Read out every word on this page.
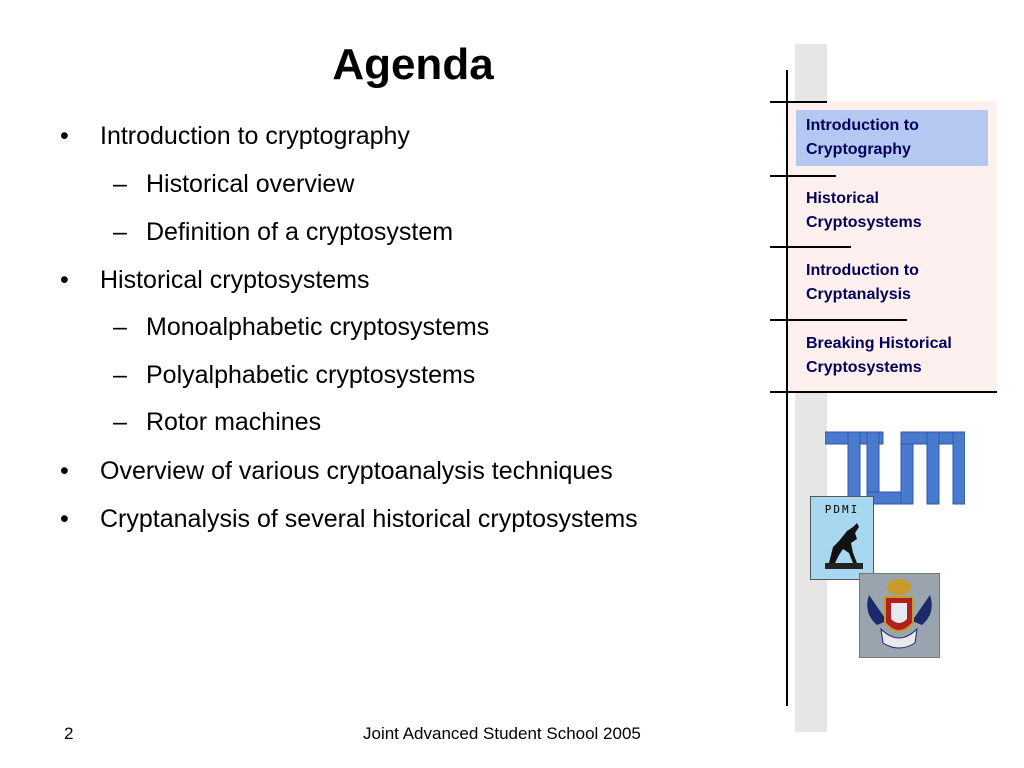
Agenda
•	Introduction to cryptography
– Historical overview
– Definition of a cryptosystem
•	Historical cryptosystems
– Monoalphabetic cryptosystems
– Polyalphabetic cryptosystems
– Rotor machines
•	Overview of various cryptoanalysis techniques
•	Cryptanalysis of several historical cryptosystems
Introduction to
Cryptography
Historical
Cryptosystems
Introduction to
Cryptanalysis
Breaking Historical
Cryptosystems
PDMI
2	Joint Advanced Student School 2005
